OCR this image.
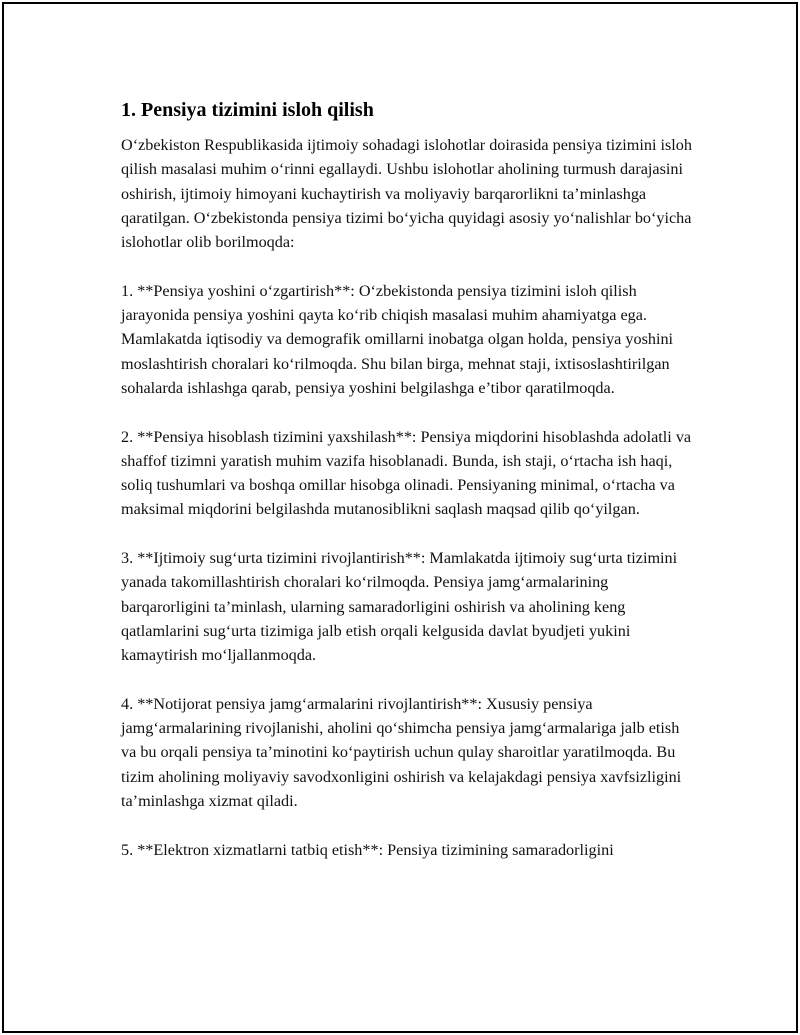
1. Pensiya tizimini isloh qilish

O‘zbekiston Respublikasida ijtimoiy sohadagi islohotlar doirasida pensiya tizimini isloh qilish masalasi muhim o‘rinni egallaydi. Ushbu islohotlar aholining turmush darajasini oshirish, ijtimoiy himoyani kuchaytirish va moliyaviy barqarorlikni ta’minlashga qaratilgan. O‘zbekistonda pensiya tizimi bo‘yicha quyidagi asosiy yo‘nalishlar bo‘yicha islohotlar olib borilmoqda:

1. **Pensiya yoshini o‘zgartirish**: O‘zbekistonda pensiya tizimini isloh qilish jarayonida pensiya yoshini qayta ko‘rib chiqish masalasi muhim ahamiyatga ega. Mamlakatda iqtisodiy va demografik omillarni inobatga olgan holda, pensiya yoshini moslashtirish choralari ko‘rilmoqda. Shu bilan birga, mehnat staji, ixtisoslashtirilgan sohalarda ishlashga qarab, pensiya yoshini belgilashga e’tibor qaratilmoqda.

2. **Pensiya hisoblash tizimini yaxshilash**: Pensiya miqdorini hisoblashda adolatli va shaffof tizimni yaratish muhim vazifa hisoblanadi. Bunda, ish staji, o‘rtacha ish haqi, soliq tushumlari va boshqa omillar hisobga olinadi. Pensiyaning minimal, o‘rtacha va maksimal miqdorini belgilashda mutanosiblikni saqlash maqsad qilib qo‘yilgan.

3. **Ijtimoiy sug‘urta tizimini rivojlantirish**: Mamlakatda ijtimoiy sug‘urta tizimini yanada takomillashtirish choralari ko‘rilmoqda. Pensiya jamg‘armalarining barqarorligini ta’minlash, ularning samaradorligini oshirish va aholining keng qatlamlarini sug‘urta tizimiga jalb etish orqali kelgusida davlat byudjeti yukini kamaytirish mo‘ljallanmoqda.

4. **Notijorat pensiya jamg‘armalarini rivojlantirish**: Xususiy pensiya jamg‘armalarining rivojlanishi, aholini qo‘shimcha pensiya jamg‘armalariga jalb etish va bu orqali pensiya ta’minotini ko‘paytirish uchun qulay sharoitlar yaratilmoqda. Bu tizim aholining moliyaviy savodxonligini oshirish va kelajakdagi pensiya xavfsizligini ta’minlashga xizmat qiladi.

5. **Elektron xizmatlarni tatbiq etish**: Pensiya tizimining samaradorligini
